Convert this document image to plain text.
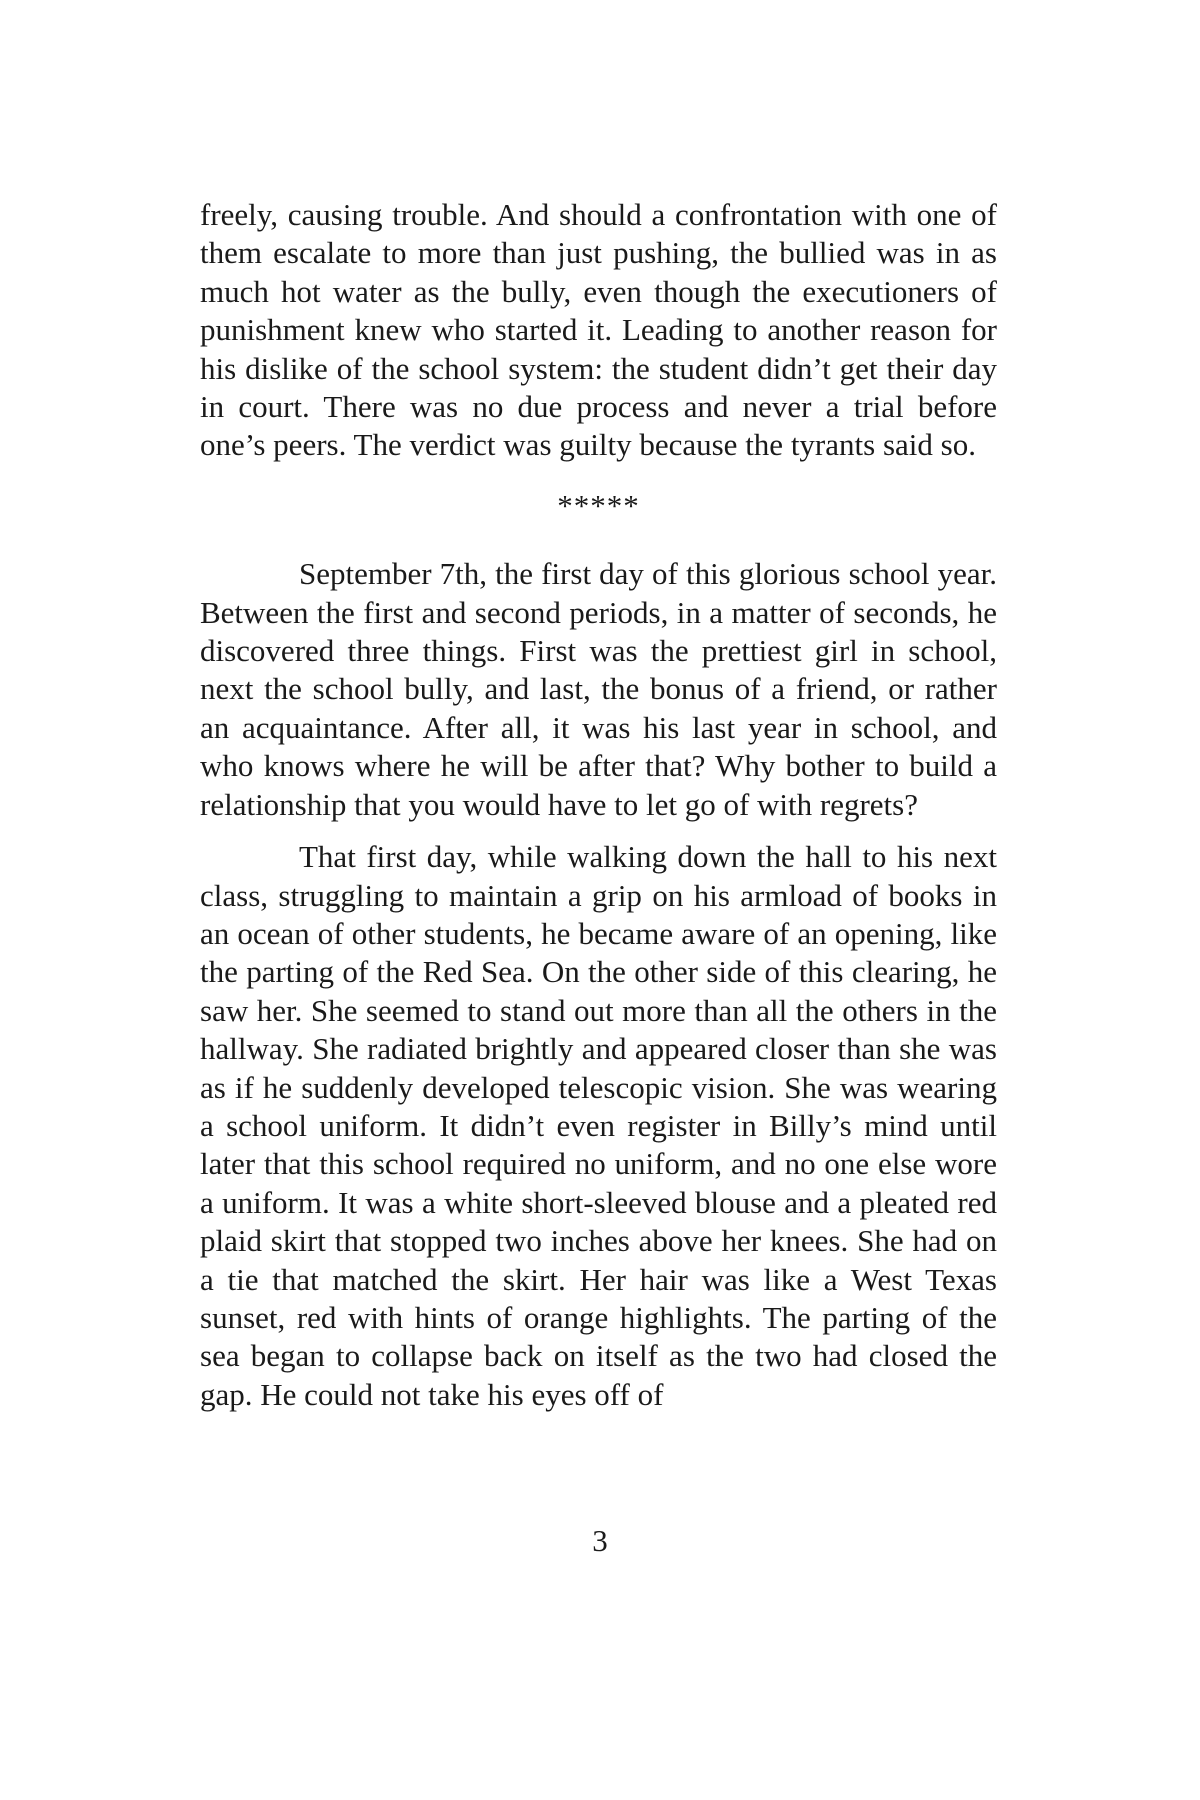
freely, causing trouble. And should a confrontation with one of them escalate to more than just pushing, the bullied was in as much hot water as the bully, even though the executioners of punishment knew who started it. Leading to another reason for his dislike of the school system: the student didn’t get their day in court. There was no due process and never a trial before one’s peers. The verdict was guilty because the tyrants said so.

*****

September 7th, the first day of this glorious school year. Between the first and second periods, in a matter of seconds, he discovered three things. First was the prettiest girl in school, next the school bully, and last, the bonus of a friend, or rather an acquaintance. After all, it was his last year in school, and who knows where he will be after that? Why bother to build a relationship that you would have to let go of with regrets?

That first day, while walking down the hall to his next class, struggling to maintain a grip on his armload of books in an ocean of other students, he became aware of an opening, like the parting of the Red Sea. On the other side of this clearing, he saw her. She seemed to stand out more than all the others in the hallway. She radiated brightly and appeared closer than she was as if he suddenly developed telescopic vision. She was wearing a school uniform. It didn’t even register in Billy’s mind until later that this school required no uniform, and no one else wore a uniform. It was a white short-sleeved blouse and a pleated red plaid skirt that stopped two inches above her knees. She had on a tie that matched the skirt. Her hair was like a West Texas sunset, red with hints of orange highlights. The parting of the sea began to collapse back on itself as the two had closed the gap. He could not take his eyes off of

3
